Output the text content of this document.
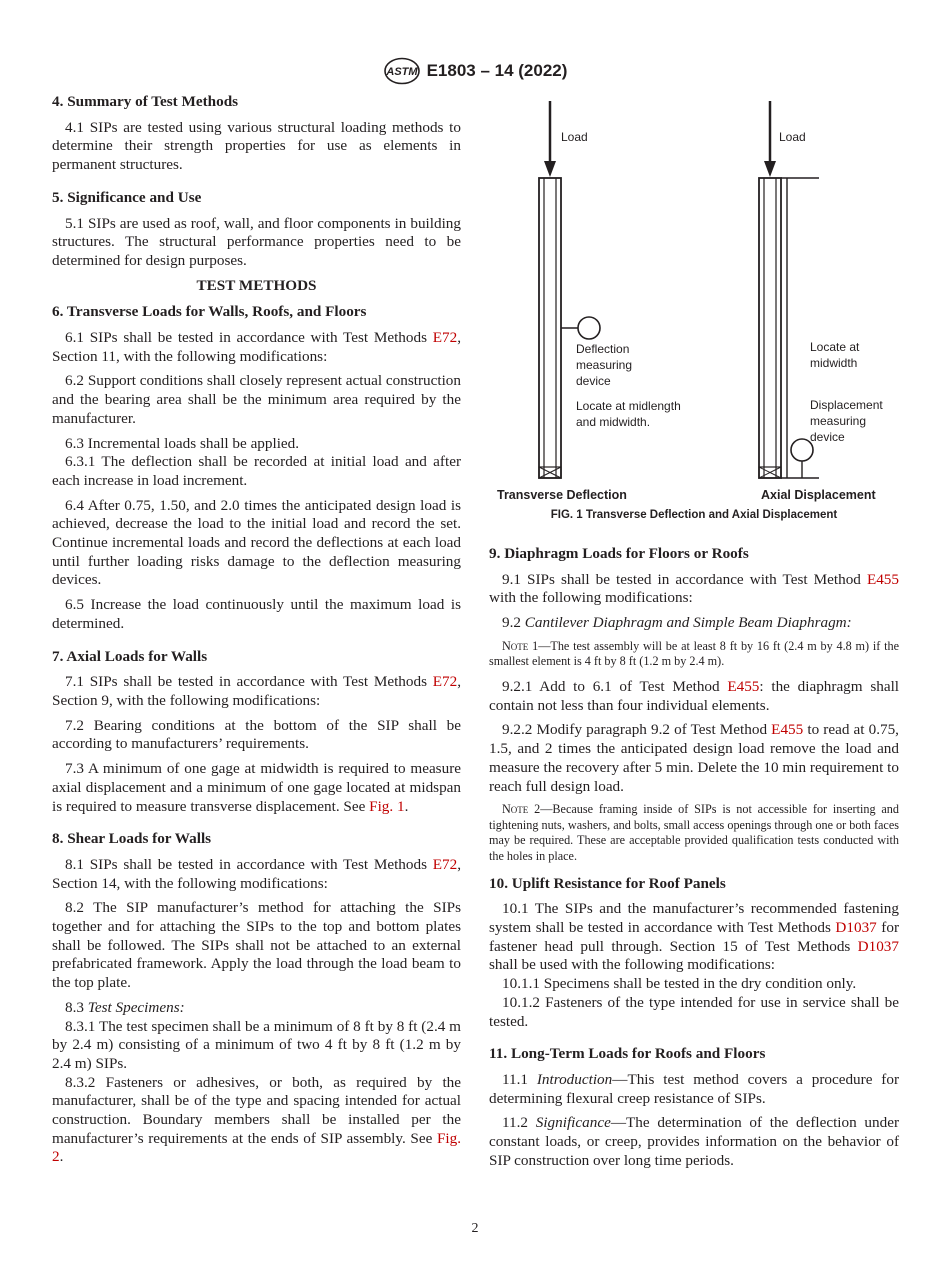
ASTM E1803 – 14 (2022)

4. Summary of Test Methods

4.1 SIPs are tested using various structural loading methods to determine their strength properties for use as elements in permanent structures.

5. Significance and Use

5.1 SIPs are used as roof, wall, and floor components in building structures. The structural performance properties need to be determined for design purposes.

TEST METHODS

6. Transverse Loads for Walls, Roofs, and Floors

6.1 SIPs shall be tested in accordance with Test Methods E72, Section 11, with the following modifications:

6.2 Support conditions shall closely represent actual construction and the bearing area shall be the minimum area required by the manufacturer.

6.3 Incremental loads shall be applied.

6.3.1 The deflection shall be recorded at initial load and after each increase in load increment.

6.4 After 0.75, 1.50, and 2.0 times the anticipated design load is achieved, decrease the load to the initial load and record the set. Continue incremental loads and record the deflections at each load until further loading risks damage to the deflection measuring devices.

6.5 Increase the load continuously until the maximum load is determined.

7. Axial Loads for Walls

7.1 SIPs shall be tested in accordance with Test Methods E72, Section 9, with the following modifications:

7.2 Bearing conditions at the bottom of the SIP shall be according to manufacturers’ requirements.

7.3 A minimum of one gage at midwidth is required to measure axial displacement and a minimum of one gage located at midspan is required to measure transverse displacement. See Fig. 1.

8. Shear Loads for Walls

8.1 SIPs shall be tested in accordance with Test Methods E72, Section 14, with the following modifications:

8.2 The SIP manufacturer’s method for attaching the SIPs together and for attaching the SIPs to the top and bottom plates shall be followed. The SIPs shall not be attached to an external prefabricated framework. Apply the load through the load beam to the top plate.

8.3 Test Specimens:

8.3.1 The test specimen shall be a minimum of 8 ft by 8 ft (2.4 m by 2.4 m) consisting of a minimum of two 4 ft by 8 ft (1.2 m by 2.4 m) SIPs.

8.3.2 Fasteners or adhesives, or both, as required by the manufacturer, shall be of the type and spacing intended for actual construction. Boundary members shall be installed per the manufacturer’s requirements at the ends of SIP assembly. See Fig. 2.

Load
Deflection
measuring
device
Locate at midlength
and midwidth.
Transverse Deflection
Load
Locate at
midwidth
Displacement
measuring
device
Axial Displacement
FIG. 1 Transverse Deflection and Axial Displacement

9. Diaphragm Loads for Floors or Roofs

9.1 SIPs shall be tested in accordance with Test Method E455 with the following modifications:

9.2 Cantilever Diaphragm and Simple Beam Diaphragm:

Note 1—The test assembly will be at least 8 ft by 16 ft (2.4 m by 4.8 m) if the smallest element is 4 ft by 8 ft (1.2 m by 2.4 m).

9.2.1 Add to 6.1 of Test Method E455: the diaphragm shall contain not less than four individual elements.

9.2.2 Modify paragraph 9.2 of Test Method E455 to read at 0.75, 1.5, and 2 times the anticipated design load remove the load and measure the recovery after 5 min. Delete the 10 min requirement to reach full design load.

Note 2—Because framing inside of SIPs is not accessible for inserting and tightening nuts, washers, and bolts, small access openings through one or both faces may be required. These are acceptable provided qualification tests conducted with the holes in place.

10. Uplift Resistance for Roof Panels

10.1 The SIPs and the manufacturer’s recommended fastening system shall be tested in accordance with Test Methods D1037 for fastener head pull through. Section 15 of Test Methods D1037 shall be used with the following modifications:

10.1.1 Specimens shall be tested in the dry condition only.

10.1.2 Fasteners of the type intended for use in service shall be tested.

11. Long-Term Loads for Roofs and Floors

11.1 Introduction—This test method covers a procedure for determining flexural creep resistance of SIPs.

11.2 Significance—The determination of the deflection under constant loads, or creep, provides information on the behavior of SIP construction over long time periods.

2
